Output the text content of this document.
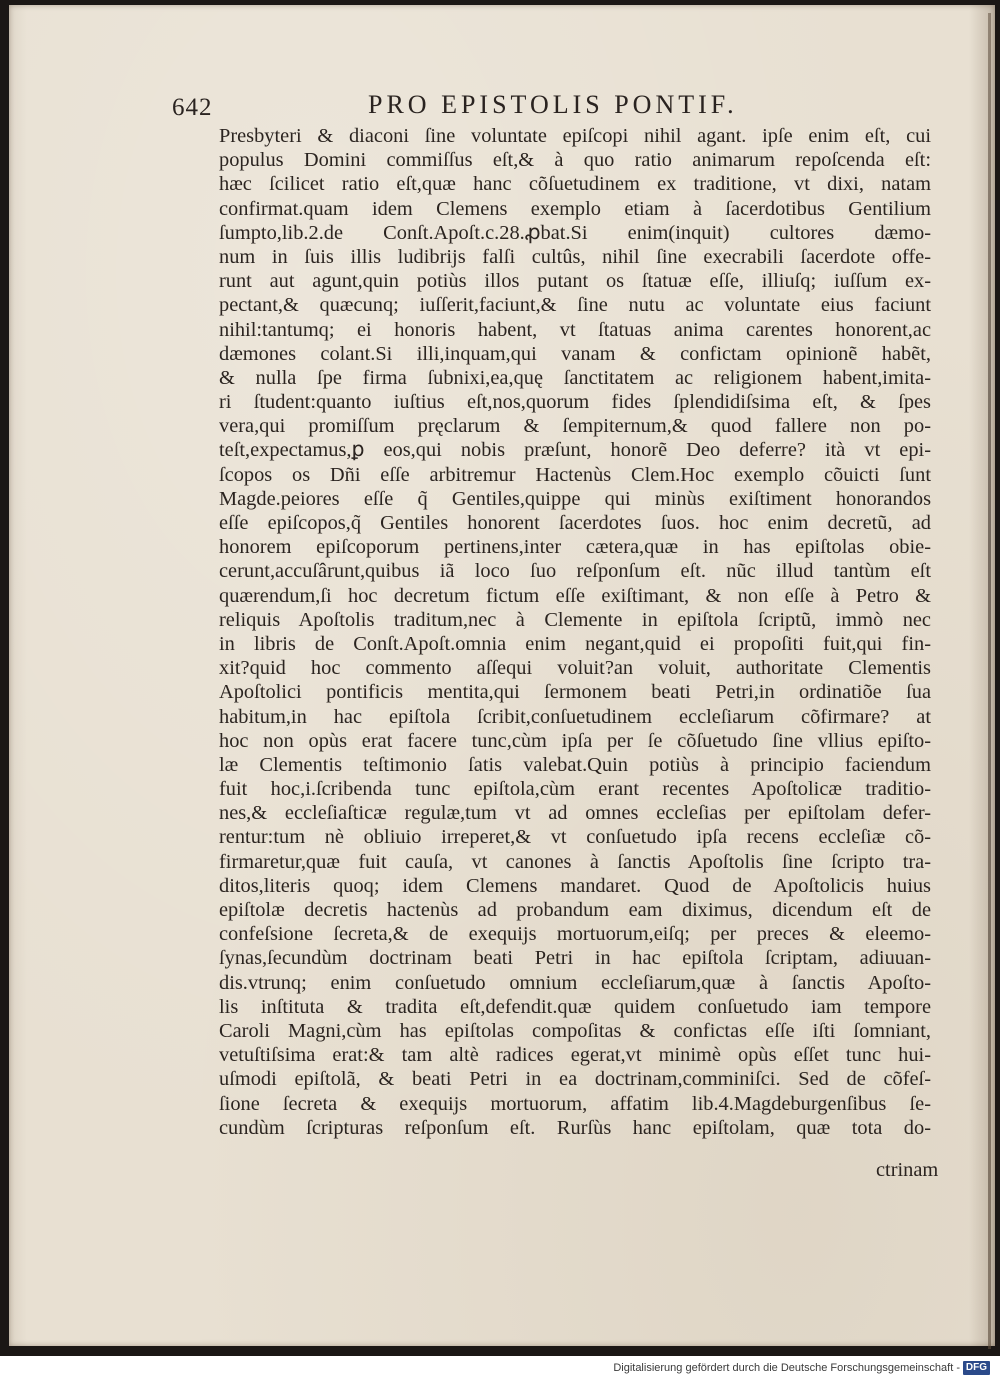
642	PRO EPISTOLIS PONTIF.
Presbyteri & diaconi ſine voluntate epiſcopi nihil agant. ipſe enim eſt, cui
populus Domini commiſſus eſt,& à quo ratio animarum repoſcenda eſt:
hæc ſcilicet ratio eſt,quæ hanc cõſuetudinem ex traditione, vt dixi, natam
confirmat.quam idem Clemens exemplo etiam à ſacerdotibus Gentilium
ſumpto,lib.2.de Conſt.Apoſt.c.28.ꝓbat.Si enim(inquit) cultores dæmo-
num in ſuis illis ludibrijs falſi cultûs, nihil ſine execrabili ſacerdote offe-
runt aut agunt,quin potiùs illos putant os ſtatuæ eſſe, illiuſq; iuſſum ex-
pectant,& quæcunq; iuſſerit,faciunt,& ſine nutu ac voluntate eius faciunt
nihil:tantumq; ei honoris habent, vt ſtatuas anima carentes honorent,ac
dæmones colant.Si illi,inquam,qui vanam & confictam opinionẽ habẽt,
& nulla ſpe firma ſubnixi,ea,quę ſanctitatem ac religionem habent,imita-
ri ſtudent:quanto iuſtius eſt,nos,quorum fides ſplendidiſsima eſt, & ſpes
vera,qui promiſſum pręclarum & ſempiternum,& quod fallere non po-
teſt,expectamus,ꝑ eos,qui nobis præſunt, honorẽ Deo deferre? ità vt epi-
ſcopos os Dñi eſſe arbitremur Hactenùs Clem.Hoc exemplo cõuicti ſunt
Magde.peiores eſſe q̃ Gentiles,quippe qui minùs exiſtiment honorandos
eſſe epiſcopos,q̃ Gentiles honorent ſacerdotes ſuos. hoc enim decretũ, ad
honorem epiſcoporum pertinens,inter cætera,quæ in has epiſtolas obie-
cerunt,accuſârunt,quibus iã loco ſuo reſponſum eſt. nũc illud tantùm eſt
quærendum,ſi hoc decretum fictum eſſe exiſtimant, & non eſſe à Petro &
reliquis Apoſtolis traditum,nec à Clemente in epiſtola ſcriptũ, immò nec
in libris de Conſt.Apoſt.omnia enim negant,quid ei propoſiti fuit,qui fin-
xit?quid hoc commento aſſequi voluit?an voluit, authoritate Clementis
Apoſtolici pontificis mentita,qui ſermonem beati Petri,in ordinatiõe ſua
habitum,in hac epiſtola ſcribit,conſuetudinem eccleſiarum cõfirmare? at
hoc non opùs erat facere tunc,cùm ipſa per ſe cõſuetudo ſine vllius epiſto-
læ Clementis teſtimonio ſatis valebat.Quin potiùs à principio faciendum
fuit hoc,i.ſcribenda tunc epiſtola,cùm erant recentes Apoſtolicæ traditio-
nes,& eccleſiaſticæ regulæ,tum vt ad omnes eccleſias per epiſtolam defer-
rentur:tum nè obliuio irreperet,& vt conſuetudo ipſa recens eccleſiæ cõ-
firmaretur,quæ fuit cauſa, vt canones à ſanctis Apoſtolis ſine ſcripto tra-
ditos,literis quoq; idem Clemens mandaret. Quod de Apoſtolicis huius
epiſtolæ decretis hactenùs ad probandum eam diximus, dicendum eſt de
confeſsione ſecreta,& de exequijs mortuorum,eiſq; per preces & eleemo-
ſynas,ſecundùm doctrinam beati Petri in hac epiſtola ſcriptam, adiuuan-
dis.vtrunq; enim conſuetudo omnium eccleſiarum,quæ à ſanctis Apoſto-
lis inſtituta & tradita eſt,defendit.quæ quidem conſuetudo iam tempore
Caroli Magni,cùm has epiſtolas compoſitas & confictas eſſe iſti ſomniant,
vetuſtiſsima erat:& tam altè radices egerat,vt minimè opùs eſſet tunc hui-
uſmodi epiſtolã, & beati Petri in ea doctrinam,comminiſci. Sed de cõfeſ-
ſione ſecreta & exequijs mortuorum, affatim lib.4.Magdeburgenſibus ſe-
cundùm ſcripturas reſponſum eſt. Rurſùs hanc epiſtolam, quæ tota do-
ctrinam
Digitalisierung gefördert durch die Deutsche Forschungsgemeinschaft - DFG
